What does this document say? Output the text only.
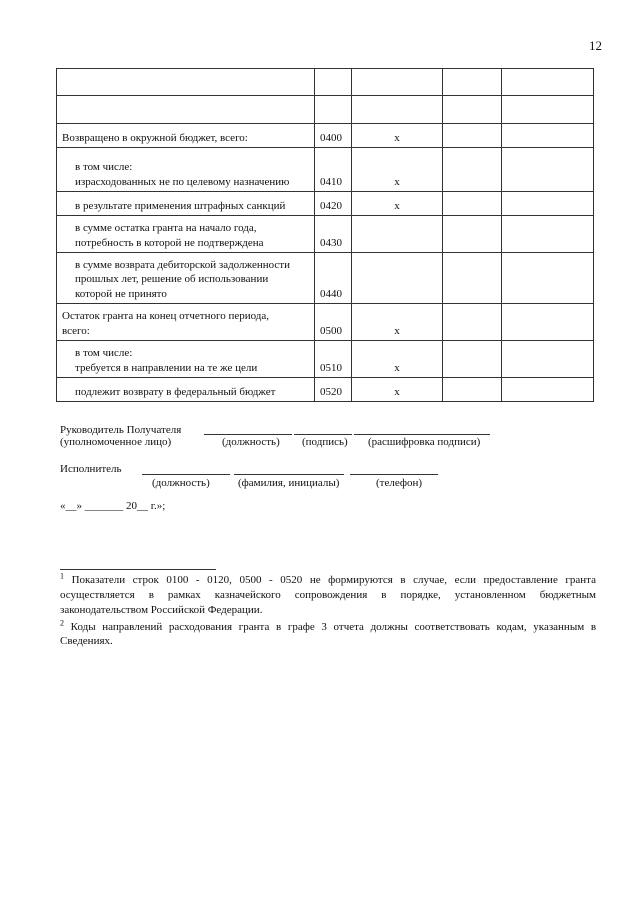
12

Возвращено в окружной бюджет, всего:	0400	x		
в том числе:
израсходованных не по целевому назначению	0410	x		
в результате применения штрафных санкций	0420	x		
в сумме остатка гранта на начало года,
потребность в которой не подтверждена	0430			
в сумме возврата дебиторской задолженности
прошлых лет, решение об использовании
которой не принято	0440			
Остаток гранта на конец отчетного периода,
всего:	0500	x		
в том числе:
требуется в направлении на те же цели	0510	x		
подлежит возврату в федеральный бюджет	0520	x		
Руководитель Получателя
(уполномоченное лицо)	(должность) (подпись) (расшифровка подписи)
Исполнитель
(должность)	(фамилия, инициалы)	(телефон)
«__» _______ 20__ г.»;

$^1$ Показатели строк 0100 - 0120, 0500 - 0520 не формируются в случае, если предоставление гранта осуществляется в рамках казначейского сопровождения в порядке, установленном бюджетным законодательством Российской Федерации.

$^2$ Коды направлений расходования гранта в графе 3 отчета должны соответствовать кодам, указанным в Сведениях.
